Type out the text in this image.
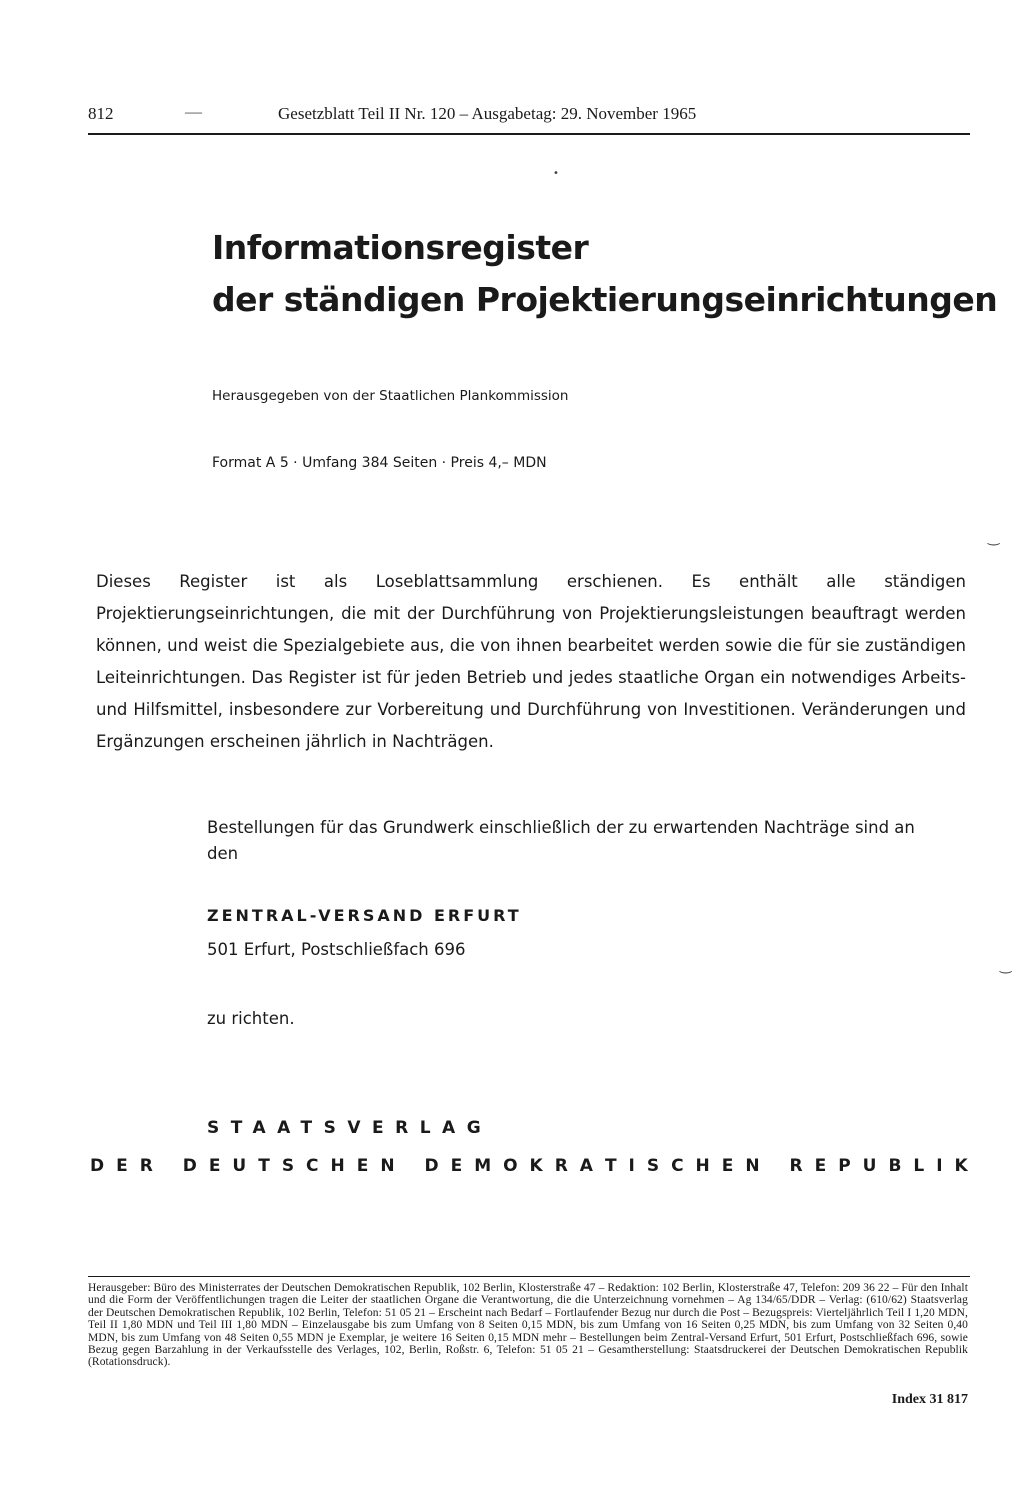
812	—	Gesetzblatt Teil II Nr. 120 – Ausgabetag: 29. November 1965
Informationsregister
der ständigen Projektierungseinrichtungen
Herausgegeben von der Staatlichen Plankommission
Format A 5 · Umfang 384 Seiten · Preis 4,– MDN
Dieses Register ist als Loseblattsammlung erschienen. Es enthält alle ständigen Projektierungseinrichtungen, die mit der Durchführung von Projektierungsleistungen beauftragt werden können, und weist die Spezialgebiete aus, die von ihnen bearbeitet werden sowie die für sie zuständigen Leiteinrichtungen. Das Register ist für jeden Betrieb und jedes staatliche Organ ein notwendiges Arbeits- und Hilfsmittel, insbesondere zur Vorbereitung und Durchführung von Investitionen. Veränderungen und Ergänzungen erscheinen jährlich in Nachträgen.
Bestellungen für das Grundwerk einschließlich der zu erwartenden Nachträge sind an den
ZENTRAL-VERSAND ERFURT
501 Erfurt, Postschließfach 696
zu richten.
STAATSVERLAG
D E R
D E U T S C H E N
D E M O K R A T I S C H E N
R E P U B L I K
Herausgeber: Büro des Ministerrates der Deutschen Demokratischen Republik, 102 Berlin, Klosterstraße 47 – Redaktion: 102 Berlin, Klosterstraße 47, Telefon: 209 36 22 – Für den Inhalt und die Form der Veröffentlichungen tragen die Leiter der staatlichen Organe die Verantwortung, die die Unterzeichnung vornehmen – Ag 134/65/DDR – Verlag: (610/62) Staatsverlag der Deutschen Demokratischen Republik, 102 Berlin, Telefon: 51 05 21 – Erscheint nach Bedarf – Fortlaufender Bezug nur durch die Post – Bezugspreis: Vierteljährlich Teil I 1,20 MDN, Teil II 1,80 MDN und Teil III 1,80 MDN – Einzelausgabe bis zum Umfang von 8 Seiten 0,15 MDN, bis zum Umfang von 16 Seiten 0,25 MDN, bis zum Umfang von 32 Seiten 0,40 MDN, bis zum Umfang von 48 Seiten 0,55 MDN je Exemplar, je weitere 16 Seiten 0,15 MDN mehr – Bestellungen beim Zentral-Versand Erfurt, 501 Erfurt, Postschließfach 696, sowie Bezug gegen Barzahlung in der Verkaufsstelle des Verlages, 102, Berlin, Roßstr. 6, Telefon: 51 05 21 – Gesamtherstellung: Staatsdruckerei der Deutschen Demokratischen Republik (Rotationsdruck).
Index 31 817
•
‿
‿
